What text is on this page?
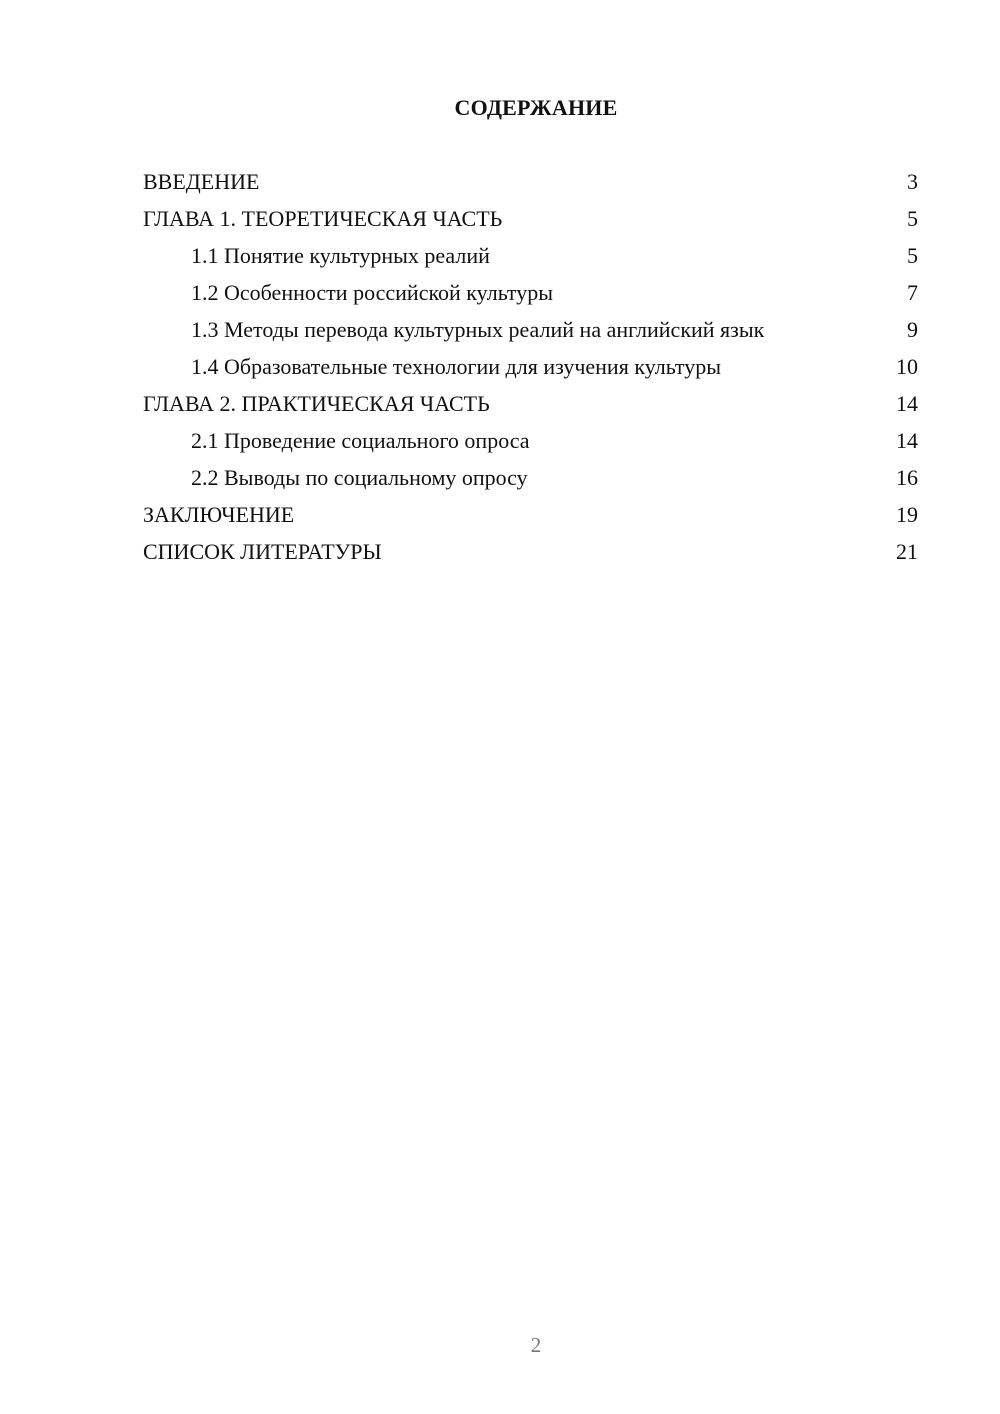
СОДЕРЖАНИЕ
ВВЕДЕНИЕ	3
ГЛАВА 1. ТЕОРЕТИЧЕСКАЯ ЧАСТЬ	5
1.1 Понятие культурных реалий	5
1.2 Особенности российской культуры	7
1.3 Методы перевода культурных реалий на английский язык	9
1.4 Образовательные технологии для изучения культуры	10
ГЛАВА 2. ПРАКТИЧЕСКАЯ ЧАСТЬ	14
2.1 Проведение социального опроса	14
2.2 Выводы по социальному опросу	16
ЗАКЛЮЧЕНИЕ	19
СПИСОК ЛИТЕРАТУРЫ	21
2
